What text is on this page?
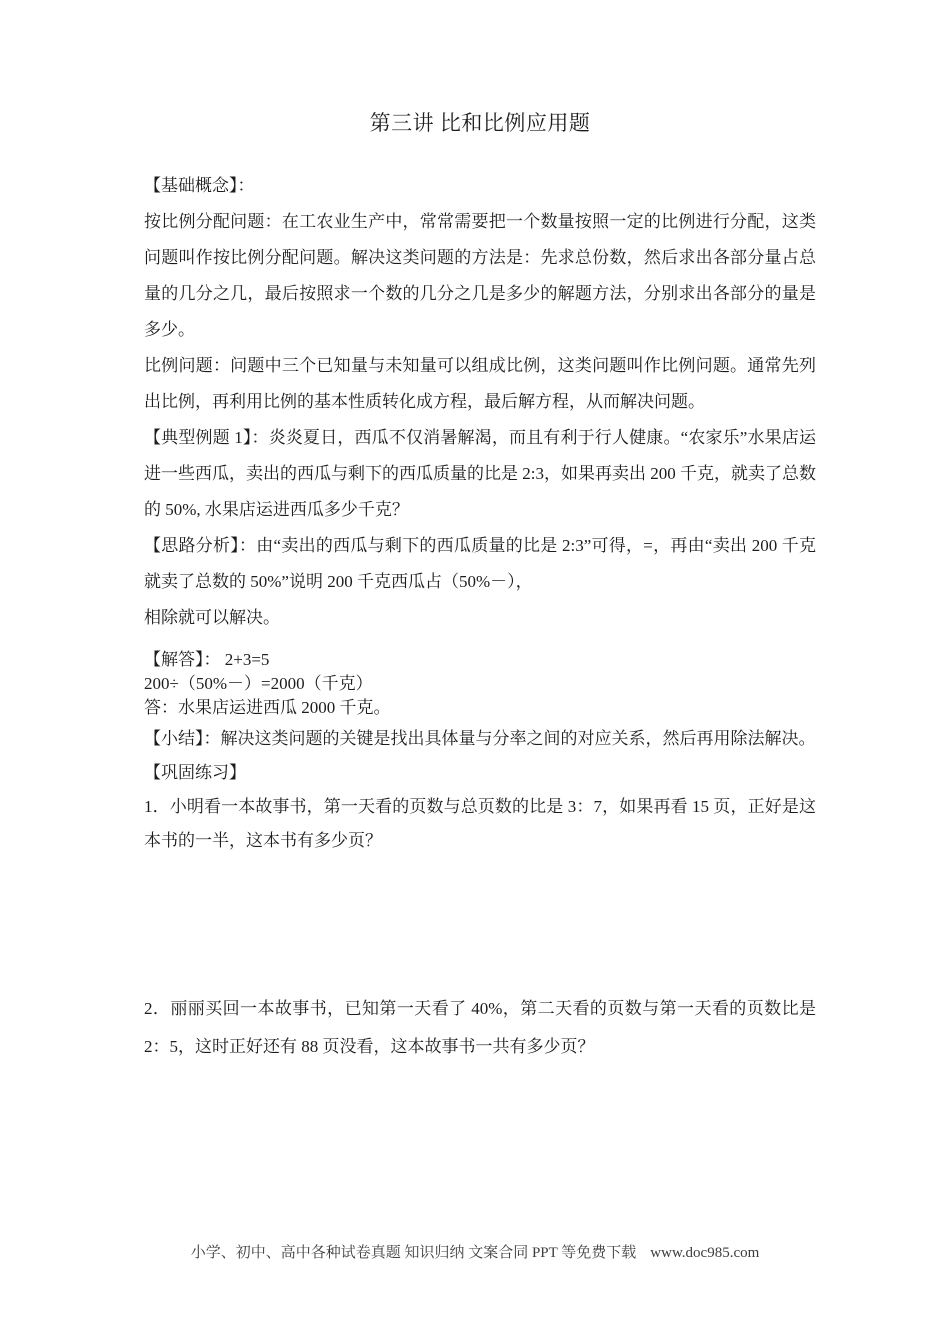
第三讲 比和比例应用题

【基础概念】：

按比例分配问题：在工农业生产中，常常需要把一个数量按照一定的比例进行分配，这类问题叫作按比例分配问题。解决这类问题的方法是：先求总份数，然后求出各部分量占总量的几分之几，最后按照求一个数的几分之几是多少的解题方法，分别求出各部分的量是多少。

比例问题：问题中三个已知量与未知量可以组成比例，这类问题叫作比例问题。通常先列出比例，再利用比例的基本性质转化成方程，最后解方程，从而解决问题。

【典型例题 1】：炎炎夏日，西瓜不仅消暑解渴，而且有利于行人健康。“农家乐”水果店运进一些西瓜，卖出的西瓜与剩下的西瓜质量的比是 2:3，如果再卖出 200 千克，就卖了总数的 50%, 水果店运进西瓜多少千克？

【思路分析】：由“卖出的西瓜与剩下的西瓜质量的比是 2:3”可得，=，再由“卖出 200 千克就卖了总数的 50%”说明 200 千克西瓜占（50%－），

相除就可以解决。

【解答】： 2+3=5

200÷（50%－）=2000（千克）

答：水果店运进西瓜 2000 千克。

【小结】：解决这类问题的关键是找出具体量与分率之间的对应关系，然后再用除法解决。

【巩固练习】

1．小明看一本故事书，第一天看的页数与总页数的比是 3：7，如果再看 15 页，正好是这本书的一半，这本书有多少页？

2．丽丽买回一本故事书，已知第一天看了 40%，第二天看的页数与第一天看的页数比是 2：5，这时正好还有 88 页没看，这本故事书一共有多少页？

小学、初中、高中各种试卷真题 知识归纳 文案合同 PPT 等免费下载 www.doc985.com
